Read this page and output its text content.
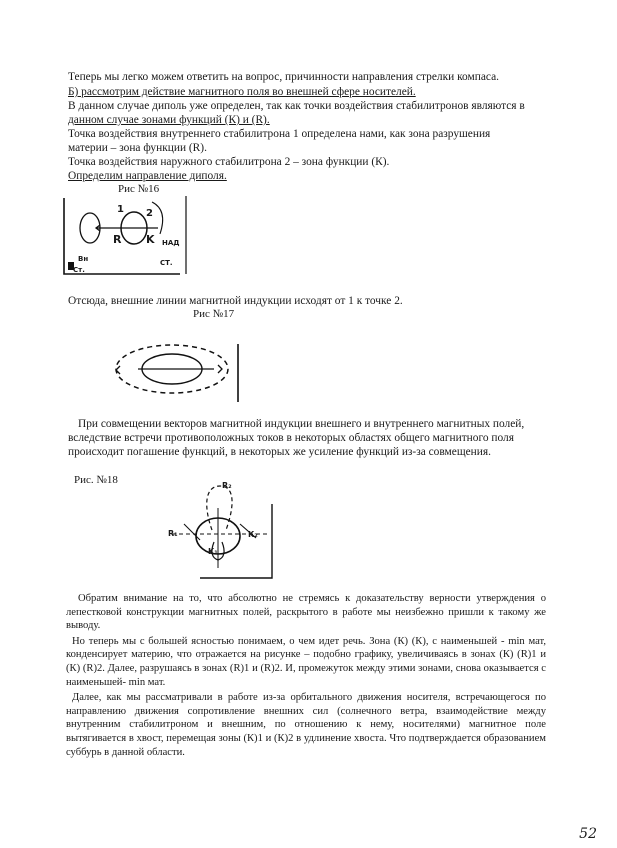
Теперь мы легко можем ответить на вопрос, причинности направления стрелки компаса.
Б) рассмотрим действие магнитного поля во внешней сфере носителей.
В данном случае диполь уже определен, так как точки воздействия стабилитронов являются в
данном случае зонами функций (К) и (R).
Точка воздействия внутреннего стабилитрона 1 определена нами, как зона разрушения
материи – зона функции (R).
Точка воздействия наружного стабилитрона 2 – зона функции (К).
Определим направление диполя.
Рис №16
1 2
R K НАД
СТ.
Вн
Ст.
Отсюда, внешние линии магнитной индукции исходят от 1 к точке 2.
Рис №17
При совмещении векторов магнитной индукции внешнего и внутреннего магнитных полей,
вследствие встречи противоположных токов в некоторых областях общего магнитного поля
происходит погашение функций, в некоторых же усиление функций из-за совмещения.
Рис. №18	R₂
R₁	K₂
K₁

Обратим внимание на то, что абсолютно не стремясь к доказательству верности утверждения о лепестковой конструкции магнитных полей, раскрытого в работе мы неизбежно пришли к такому же выводу.

Но теперь мы с большей ясностью понимаем, о чем идет речь. Зона (К) (К), с наименьшей - min мат, конденсирует материю, что отражается на рисунке – подобно графику, увеличиваясь в зонах (К) (R)1 и (К) (R)2. Далее, разрушаясь в зонах (R)1 и (R)2. И, промежуток между этими зонами, снова оказывается с наименьшей- min мат.

Далее, как мы рассматривали в работе из-за орбитального движения носителя, встречающегося по направлению движения сопротивление внешних сил (солнечного ветра, взаимодействие между внутренним стабилитроном и внешним, по отношению к нему, носителями) магнитное поле вытягивается в хвост, перемещая зоны (К)1 и (К)2 в удлинение хвоста. Что подтверждается образованием суббурь в данной области.

52
